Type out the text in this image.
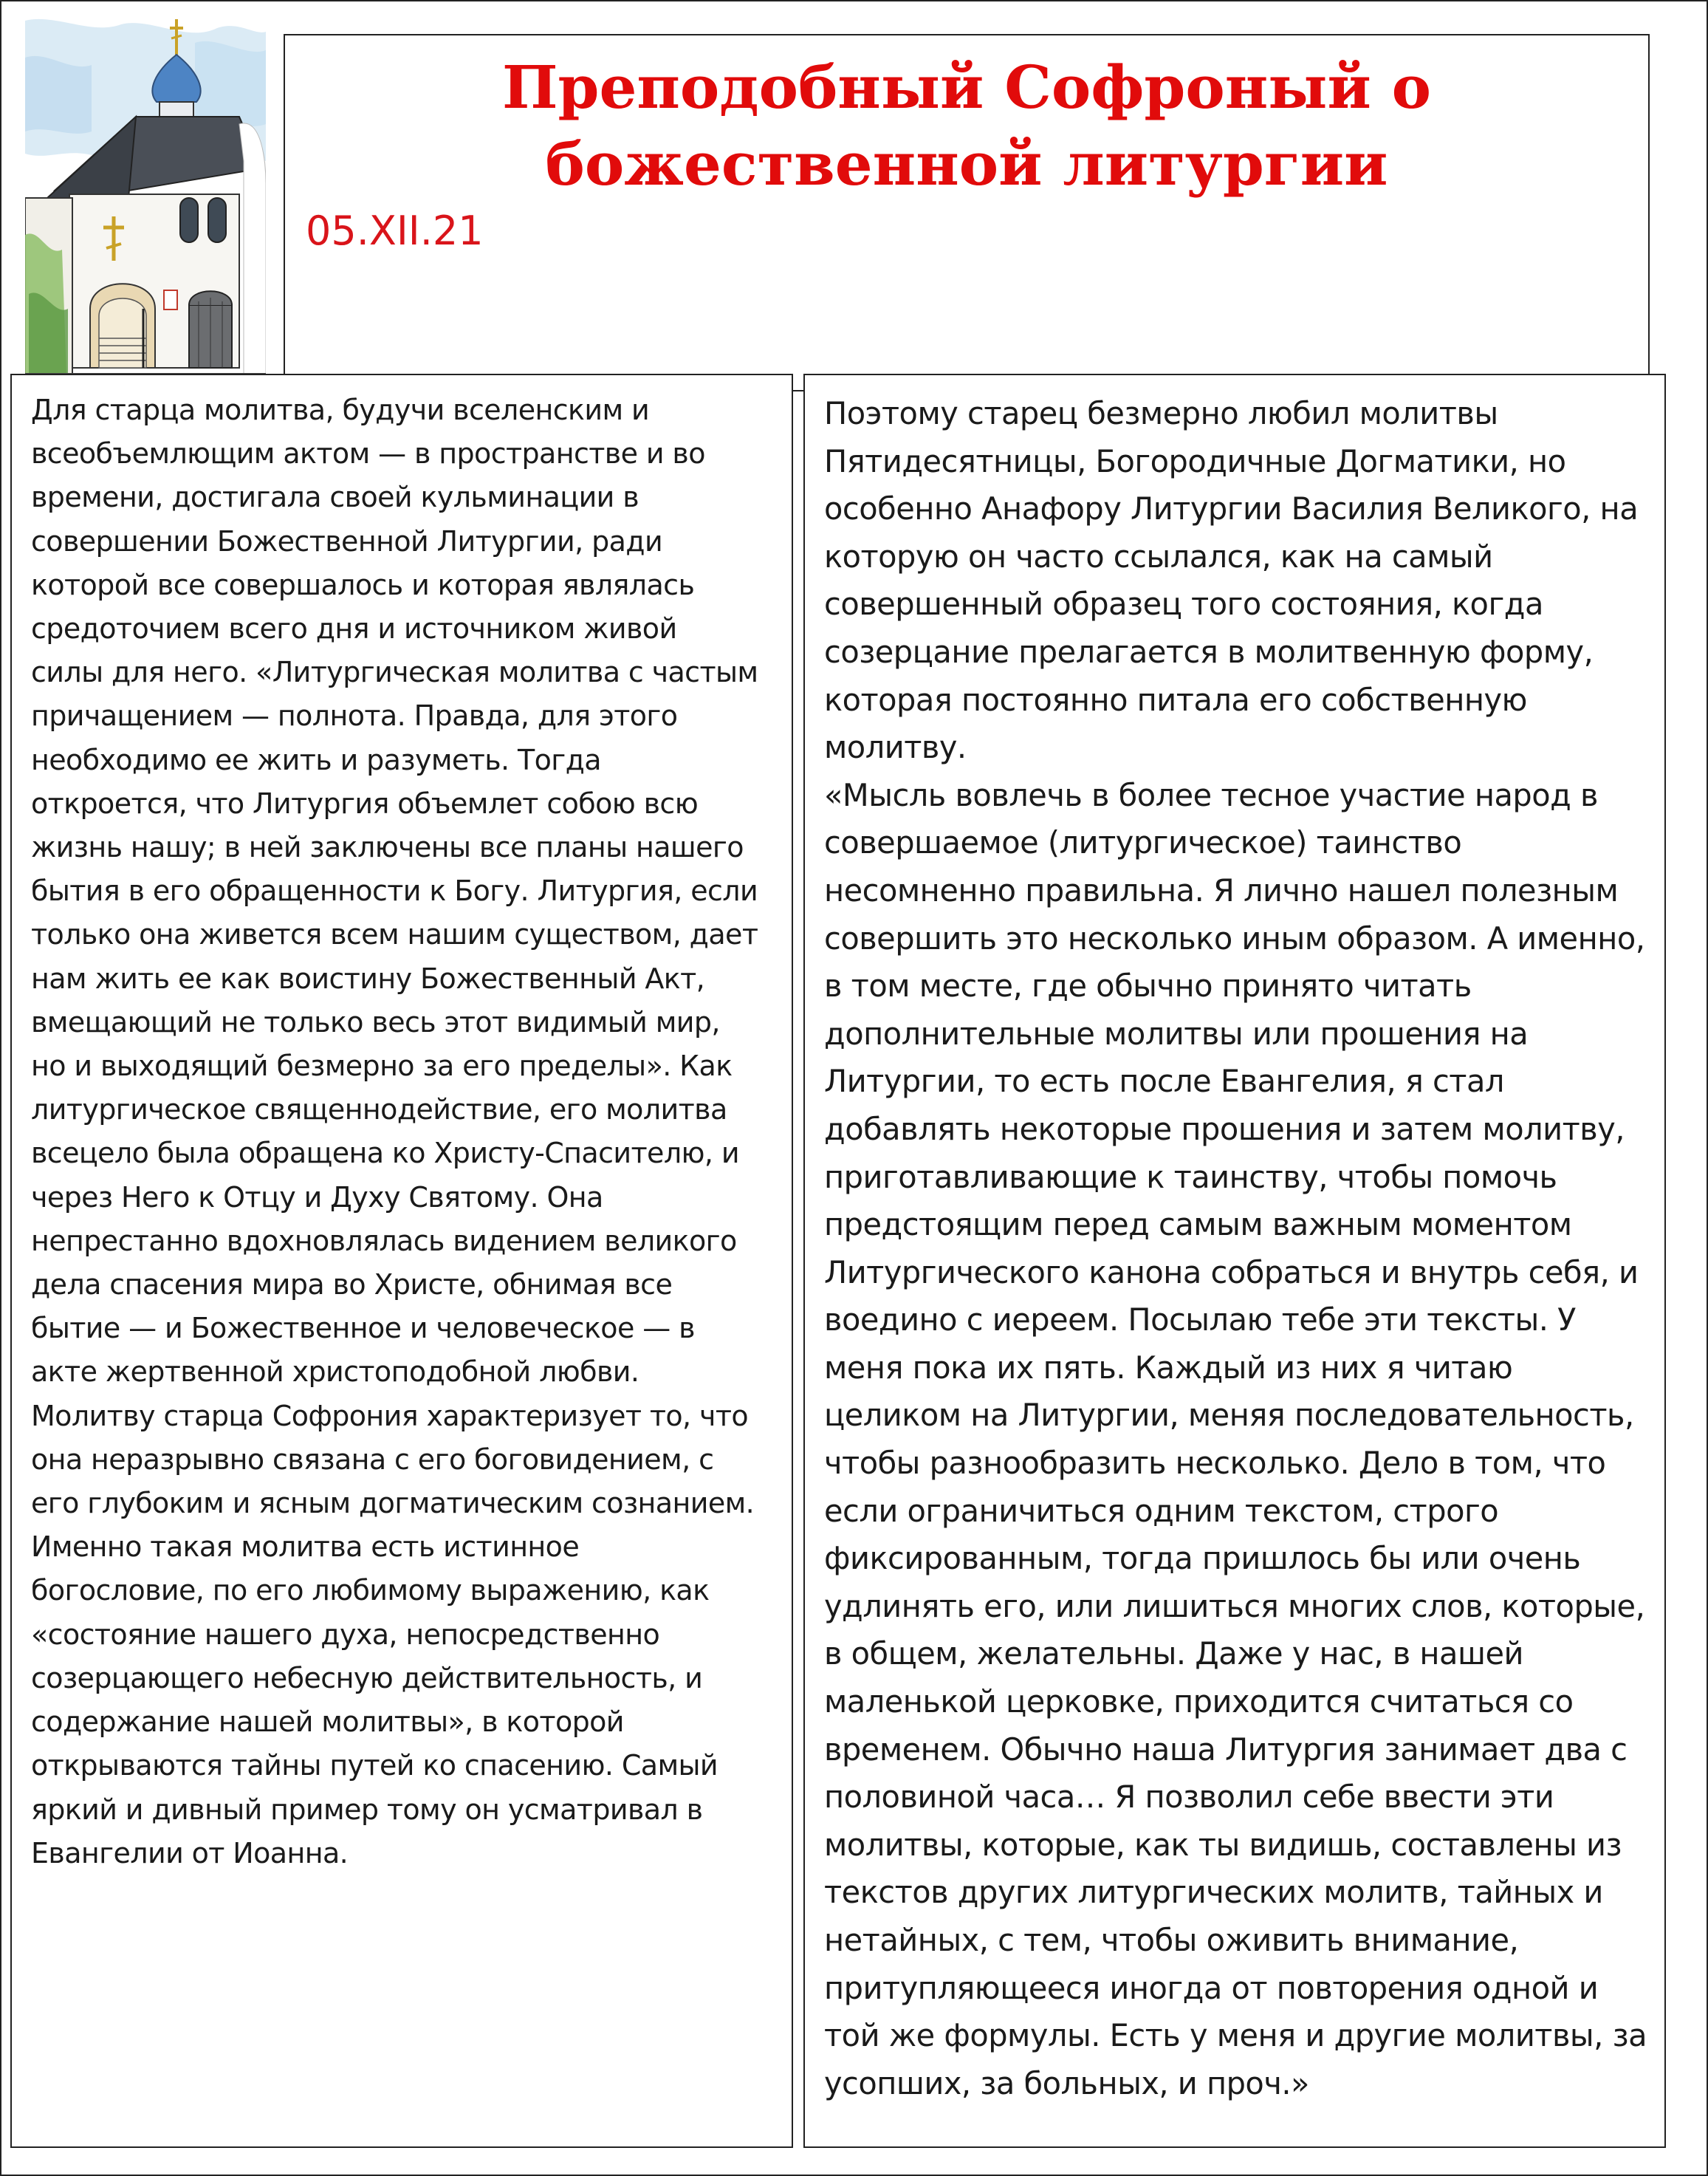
Преподобный Софроный о
божественной литургии
05.XII.21

Для старца молитва, будучи вселенским и
всеобъемлющим актом — в пространстве и во
времени, достигала своей кульминации в
совершении Божественной Литургии, ради
которой все совершалось и которая являлась
средоточием всего дня и источником живой
силы для него. «Литургическая молитва с частым
причащением — полнота. Правда, для этого
необходимо ее жить и разуметь. Тогда
откроется, что Литургия объемлет собою всю
жизнь нашу; в ней заключены все планы нашего
бытия в его обращенности к Богу. Литургия, если
только она живется всем нашим существом, дает
нам жить ее как воистину Божественный Акт,
вмещающий не только весь этот видимый мир,
но и выходящий безмерно за его пределы». Как
литургическое священнодействие, его молитва
всецело была обращена ко Христу-Спасителю, и
через Него к Отцу и Духу Святому. Она
непрестанно вдохновлялась видением великого
дела спасения мира во Христе, обнимая все
бытие — и Божественное и человеческое — в
акте жертвенной христоподобной любви.
Молитву старца Софрония характеризует то, что
она неразрывно связана с его боговидением, с
его глубоким и ясным догматическим сознанием.
Именно такая молитва есть истинное
богословие, по его любимому выражению, как
«состояние нашего духа, непосредственно
созерцающего небесную действительность, и
содержание нашей молитвы», в которой
открываются тайны путей ко спасению. Самый
яркий и дивный пример тому он усматривал в
Евангелии от Иоанна.

Поэтому старец безмерно любил молитвы
Пятидесятницы, Богородичные Догматики, но
особенно Анафору Литургии Василия Великого, на
которую он часто ссылался, как на самый
совершенный образец того состояния, когда
созерцание прелагается в молитвенную форму,
которая постоянно питала его собственную
молитву.
«Мысль вовлечь в более тесное участие народ в
совершаемое (литургическое) таинство
несомненно правильна. Я лично нашел полезным
совершить это несколько иным образом. А именно,
в том месте, где обычно принято читать
дополнительные молитвы или прошения на
Литургии, то есть после Евангелия, я стал
добавлять некоторые прошения и затем молитву,
приготавливающие к таинству, чтобы помочь
предстоящим перед самым важным моментом
Литургического канона собраться и внутрь себя, и
воедино с иереем. Посылаю тебе эти тексты. У
меня пока их пять. Каждый из них я читаю
целиком на Литургии, меняя последовательность,
чтобы разнообразить несколько. Дело в том, что
если ограничиться одним текстом, строго
фиксированным, тогда пришлось бы или очень
удлинять его, или лишиться многих слов, которые,
в общем, желательны. Даже у нас, в нашей
маленькой церковке, приходится считаться со
временем. Обычно наша Литургия занимает два с
половиной часа… Я позволил себе ввести эти
молитвы, которые, как ты видишь, составлены из
текстов других литургических молитв, тайных и
нетайных, с тем, чтобы оживить внимание,
притупляющееся иногда от повторения одной и
той же формулы. Есть у меня и другие молитвы, за
усопших, за больных, и проч.»
